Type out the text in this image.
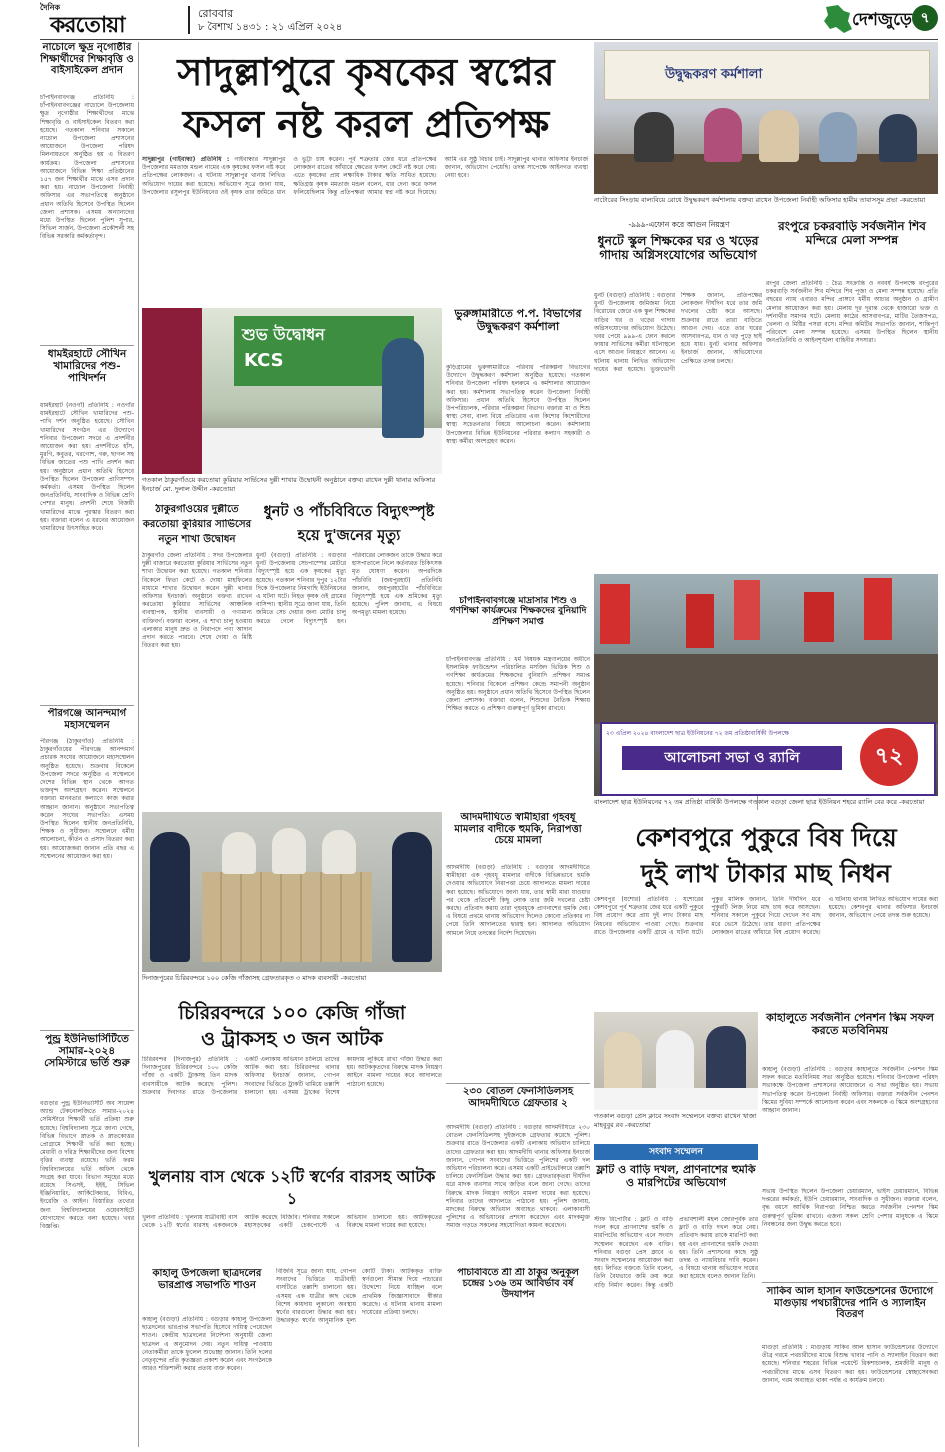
দৈনিক
করতোয়া	রোববার
৮ বৈশাখ ১৪৩১ : ২১ এপ্রিল ২০২৪	দেশজুড়ে ৭
নাচোলে ক্ষুদ্র নৃগোষ্ঠীর শিক্ষার্থীদের শিক্ষাবৃত্তি ও বাইসাইকেল প্রদান
চাঁপাইনবাবগঞ্জ প্রতিনিধি : চাঁপাইনবাবগঞ্জের নাচোলে উপজেলায় ক্ষুদ্র নৃগোষ্ঠীর শিক্ষার্থীদের মাঝে শিক্ষাবৃত্তি ও বাইসাইকেল বিতরণ করা হয়েছে। গতকাল শনিবার সকালে নাচোল উপজেলা প্রশাসনের আয়োজনে উপজেলা পরিষদ মিলনায়তনে অনুষ্ঠিত হয় এ বিতরণ কার্যক্রম। উপজেলা প্রশাসনের আয়োজনে বিভিন্ন শিক্ষা প্রতিষ্ঠানের ১৫৭ জন শিক্ষার্থীর মাঝে এসব প্রদান করা হয়। নাচোল উপজেলা নির্বাহী অফিসার এর সভাপতিত্বে অনুষ্ঠানে প্রধান অতিথি হিসেবে উপস্থিত ছিলেন জেলা প্রশাসক। এসময় অন্যান্যদের মধ্যে উপস্থিত ছিলেন পুলিশ সুপার, সিভিল সার্জন, উপজেলা প্রকৌশলী সহ বিভিন্ন সরকারি কর্মকর্তাবৃন্দ।
ধামইরহাটে সৌখিন খামারিদের পশু-পাখিদর্শন
ধামইরহাট (নওগাঁ) প্রতিনিধি : নওগাঁর ধামইরহাটে সৌখিন খামারিদের পশু-পাখি দর্শন অনুষ্ঠিত হয়েছে। সৌখিন খামারিদের সংগঠন এর উদ্যোগে শনিবার উপজেলা সদরে এ প্রদর্শনীর আয়োজন করা হয়। প্রদর্শনীতে হাঁস, মুরগি, কবুতর, খরগোশ, গরু, ছাগল সহ বিভিন্ন জাতের পশু পাখি প্রদর্শন করা হয়। অনুষ্ঠানে প্রধান অতিথি হিসেবে উপস্থিত ছিলেন উপজেলা প্রাণিসম্পদ কর্মকর্তা। এসময় উপস্থিত ছিলেন জনপ্রতিনিধি, সাংবাদিক ও বিভিন্ন শ্রেণি পেশার মানুষ। প্রদর্শনী শেষে বিজয়ী খামারিদের মাঝে পুরস্কার বিতরণ করা হয়। বক্তারা বলেন এ ধরনের আয়োজন খামারিদের উৎসাহিত করে।
পীরগঞ্জে আনন্দমার্গ মহাসম্মেলন
পীরগঞ্জ (ঠাকুরগাঁও) প্রতিনিধি : ঠাকুরগাঁওয়ের পীরগঞ্জে আনন্দমার্গ প্রচারক সংঘের আয়োজনে মহাসম্মেলন অনুষ্ঠিত হয়েছে। শুক্রবার বিকেলে উপজেলা সদরে অনুষ্ঠিত এ সম্মেলনে দেশের বিভিন্ন স্থান থেকে আগত ভক্তবৃন্দ অংশগ্রহণ করেন। সম্মেলনে বক্তারা মানবতার কল্যাণে কাজ করার আহ্বান জানান। অনুষ্ঠানে সভাপতিত্ব করেন সংঘের সভাপতি। এসময় উপস্থিত ছিলেন স্থানীয় জনপ্রতিনিধি, শিক্ষক ও সুধীজন। সম্মেলনে ধর্মীয় আলোচনা, কীর্তন ও প্রসাদ বিতরণ করা হয়। আয়োজকরা জানান প্রতি বছর এ সম্মেলনের আয়োজন করা হয়।
পুন্ড্র ইউনিভার্সিটিতে সামার-২০২৪ সেমিস্টারে ভর্তি শুরু
বগুড়ার পুন্ড্র ইউনিভার্সিটি অব সায়েন্স অ্যান্ড টেকনোলজিতে সামার-২০২৪ সেমিস্টারে শিক্ষার্থী ভর্তি প্রক্রিয়া শুরু হয়েছে। বিশ্ববিদ্যালয় সূত্রে জানা গেছে, বিভিন্ন বিভাগে স্নাতক ও স্নাতকোত্তর প্রোগ্রামে শিক্ষার্থী ভর্তি করা হচ্ছে। মেধাবী ও দরিদ্র শিক্ষার্থীদের জন্য বিশেষ বৃত্তির ব্যবস্থা রয়েছে। ভর্তি ফরম বিশ্ববিদ্যালয়ের ভর্তি অফিস থেকে সংগ্রহ করা যাবে। বিভাগ সমূহের মধ্যে রয়েছে সিএসই, ইইই, সিভিল ইঞ্জিনিয়ারিং, আর্কিটেকচার, বিবিএ, ইংরেজি ও আইন। বিস্তারিত তথ্যের জন্য বিশ্ববিদ্যালয়ের ওয়েবসাইটে যোগাযোগ করতে বলা হয়েছে। খবর বিজ্ঞপ্তি।
সাদুল্লাপুরে কৃষকের স্বপ্নের
ফসল নষ্ট করল প্রতিপক্ষ
সাদুল্লাপুর (গাইবান্ধা) প্রতিনিধি : গাইবান্ধার সাদুল্লাপুর উপজেলার মমতাজ মন্ডল নামের এক কৃষকের ফসল নষ্ট করে প্রতিপক্ষের লোকজন। এ ঘটনায় সাদুল্লাপুর থানায় লিখিত অভিযোগ দায়ের করা হয়েছে। অভিযোগ সূত্রে জানা যায়, উপজেলার রসুলপুর ইউনিয়নের ওই কৃষক তার জমিতে ধান ও ভুট্টা চাষ করেন। পূর্ব শত্রুতার জের ধরে প্রতিপক্ষের লোকজন রাতের আঁধারে ক্ষেতের ফসল কেটে নষ্ট করে দেয়। এতে কৃষকের প্রায় লক্ষাধিক টাকার ক্ষতি সাধিত হয়েছে। ক্ষতিগ্রস্ত কৃষক মমতাজ মন্ডল বলেন, ধার দেনা করে ফসল ফলিয়েছিলাম কিন্তু প্রতিপক্ষরা আমার স্বপ্ন নষ্ট করে দিয়েছে। আমি এর সুষ্ঠু বিচার চাই। সাদুল্লাপুর থানার অফিসার ইনচার্জ জানান, অভিযোগ পেয়েছি। তদন্ত সাপেক্ষে আইনগত ব্যবস্থা নেয়া হবে।
উদ্বুদ্ধকরণ কর্মশালা
নাটোরের সিংড়ায় বাল্যবিয়ে রোধে উদ্বুদ্ধকরণ কর্মশালায় বক্তব্য রাখেন উপজেলা নির্বাহী অফিসার হামীম তাবাসসুম প্রভা -করতোয়া
শুভ উদ্বোধন
KCS
গতকাল ঠাকুরগাঁওয়ে করতোয়া কুরিয়ার সার্ভিসের দুল্লী শাখার উদ্বোধনী অনুষ্ঠানে বক্তব্য রাখেন দুল্লী থানার অফিসার ইনচার্জ মো. দুলাল উদ্দীন -করতোয়া
ঠাকুরগাঁওয়ের দুল্লীতে
করতোয়া কুরিয়ার সার্ভিসের
নতুন শাখা উদ্বোধন
ঠাকুরগাঁও জেলা প্রতিনিধি : সদর উপজেলার দুল্লী বাজারে করতোয়া কুরিয়ার সার্ভিসের নতুন শাখা উদ্বোধন করা হয়েছে। গতকাল শনিবার বিকেলে ফিতা কেটে ও দোয়া মাহফিলের মাধ্যমে শাখার উদ্বোধন করেন দুল্লী থানার অফিসার ইনচার্জ। অনুষ্ঠানে বক্তব্য রাখেন করতোয়া কুরিয়ার সার্ভিসের আঞ্চলিক ব্যবস্থাপক, স্থানীয় ব্যবসায়ী ও গণ্যমান্য ব্যক্তিবর্গ। বক্তারা বলেন, এ শাখা চালু হওয়ায় এলাকার মানুষ দ্রুত ও নিরাপদে পণ্য আদান প্রদান করতে পারবে। শেষে দোয়া ও মিষ্টি বিতরণ করা হয়।
ধুনট ও পাঁচবিবিতে বিদ্যুৎস্পৃষ্ট
হয়ে দু'জনের মৃত্যু
ধুনট (বগুড়া) প্রতিনিধি : বগুড়ার ধুনট উপজেলায় সেচপাম্পের মোটরে বিদ্যুৎস্পৃষ্ট হয়ে এক কৃষকের মৃত্যু হয়েছে। গতকাল শনিবার দুপুর ১২টার দিকে উপজেলার নিমগাছি ইউনিয়নের এ ঘটনা ঘটে। নিহত কৃষক ওই গ্রামের বাসিন্দা। স্থানীয় সূত্রে জানা যায়, তিনি জমিতে সেচ দেয়ার জন্য মোটর চালু করতে গেলে বিদ্যুৎস্পৃষ্ট হন। পরিবারের লোকজন তাকে উদ্ধার করে হাসপাতালে নিলে কর্তব্যরত চিকিৎসক মৃত ঘোষণা করেন। অপরদিকে পাঁচবিবি (জয়পুরহাট) প্রতিনিধি জানান, জয়পুরহাটের পাঁচবিবিতে বিদ্যুৎস্পৃষ্ট হয়ে এক শ্রমিকের মৃত্যু হয়েছে। পুলিশ জানায়, এ বিষয়ে অপমৃত্যু মামলা হয়েছে।
ভুরুঙ্গামারীতে প.প. বিভাগের উদ্বুদ্ধকরণ কর্মশালা
কুড়িগ্রামের ভুরুঙ্গামারীতে পরিবার পরিকল্পনা বিভাগের উদ্যোগে উদ্বুদ্ধকরণ কর্মশালা অনুষ্ঠিত হয়েছে। গতকাল শনিবার উপজেলা পরিষদ হলরুমে এ কর্মশালার আয়োজন করা হয়। কর্মশালায় সভাপতিত্ব করেন উপজেলা নির্বাহী অফিসার। প্রধান অতিথি হিসেবে উপস্থিত ছিলেন উপপরিচালক, পরিবার পরিকল্পনা বিভাগ। বক্তারা মা ও শিশু স্বাস্থ্য সেবা, বাল্য বিয়ে প্রতিরোধ এবং কিশোর কিশোরীদের স্বাস্থ্য সচেতনতার বিষয়ে আলোচনা করেন। কর্মশালায় উপজেলার বিভিন্ন ইউনিয়নের পরিবার কল্যাণ সহকারী ও স্বাস্থ্য কর্মীরা অংশগ্রহণ করেন।
চাঁপাইনবাবগঞ্জে মাদ্রাসার শিশু ও গণশিক্ষা কার্যক্রমের শিক্ষকদের বুনিয়াদি প্রশিক্ষণ সমাপ্ত
চাঁপাইনবাবগঞ্জ প্রতিনিধি : ধর্ম বিষয়ক মন্ত্রণালয়ের অধীনে ইসলামিক ফাউন্ডেশন পরিচালিত মসজিদ ভিত্তিক শিশু ও গণশিক্ষা কার্যক্রমের শিক্ষকদের বুনিয়াদি প্রশিক্ষণ সমাপ্ত হয়েছে। শনিবার বিকেলে প্রশিক্ষণ কেন্দ্রে সমাপনী অনুষ্ঠান অনুষ্ঠিত হয়। অনুষ্ঠানে প্রধান অতিথি হিসেবে উপস্থিত ছিলেন জেলা প্রশাসক। বক্তারা বলেন, শিশুদের নৈতিক শিক্ষায় শিক্ষিত করতে এ প্রশিক্ষণ গুরুত্বপূর্ণ ভূমিকা রাখবে।
-৯৯৯-এফোন করে আগুন নিয়ন্ত্রণ
ধুনটে স্কুল শিক্ষকের ঘর ও খড়ের গাদায় অগ্নিসংযোগের অভিযোগ
ধুনট (বগুড়া) প্রতিনিধি : বগুড়ার ধুনট উপজেলায় জমিজমা নিয়ে বিরোধের জেরে এক স্কুল শিক্ষকের বাড়ির ঘর ও খড়ের গাদায় অগ্নিসংযোগের অভিযোগ উঠেছে। খবর পেয়ে ৯৯৯-এ ফোন করলে ফায়ার সার্ভিসের কর্মীরা ঘটনাস্থলে এসে আগুন নিয়ন্ত্রণে আনেন। এ ঘটনায় থানায় লিখিত অভিযোগ দায়ের করা হয়েছে। ভুক্তভোগী শিক্ষক জানান, প্রতিপক্ষের লোকজন দীর্ঘদিন ধরে তার জমি দখলের চেষ্টা করে আসছে। শুক্রবার রাতে তারা বাড়িতে আগুন দেয়। এতে তার ঘরের আসবাবপত্র, ধান ও খড় পুড়ে ছাই হয়ে যায়। ধুনট থানার অফিসার ইনচার্জ জানান, অভিযোগের প্রেক্ষিতে তদন্ত চলছে।
রংপুরে চকরবাড়ি সর্বজনীন শিব মন্দিরে মেলা সম্পন্ন
রংপুর জেলা প্রতিনিধি : চৈত্র সংক্রান্তি ও নববর্ষ উপলক্ষে রংপুরের চকরবাড়ি সর্বজনীন শিব মন্দিরে শিব পূজা ও মেলা সম্পন্ন হয়েছে। প্রতি বছরের ন্যায় এবারও মন্দির প্রাঙ্গণে ধর্মীয় আচার অনুষ্ঠান ও গ্রামীণ মেলার আয়োজন করা হয়। মেলায় দূর দূরান্ত থেকে হাজারো ভক্ত ও দর্শনার্থীর সমাগম ঘটে। মেলায় কাঠের আসবাবপত্র, মাটির তৈজসপত্র, খেলনা ও মিষ্টির পসরা বসে। মন্দির কমিটির সভাপতি জানান, শান্তিপূর্ণ পরিবেশে মেলা সম্পন্ন হয়েছে। এসময় উপস্থিত ছিলেন স্থানীয় জনপ্রতিনিধি ও আইনশৃঙ্খলা বাহিনীর সদস্যরা।
২৩ এপ্রিল ২০২৪ বাংলাদেশ ছাত্র ইউনিয়নের ৭২ তম প্রতিষ্ঠাবার্ষিকী উপলক্ষে
আলোচনা সভা ও র‍্যালি	৭২
বাংলাদেশ ছাত্র ইউনিয়নের ৭২ তম প্রতিষ্ঠা বার্ষিকী উপলক্ষে গতকাল বগুড়া জেলা ছাত্র ইউনিয়ন শহরে র‍্যালি বের করে -করতোয়া
কেশবপুরে পুকুরে বিষ দিয়ে
দুই লাখ টাকার মাছ নিধন
কেশবপুর (যশোর) প্রতিনিধি : যশোরের কেশবপুরে পূর্ব শত্রুতার জের ধরে একটি পুকুরে বিষ প্রয়োগ করে প্রায় দুই লাখ টাকার মাছ নিধনের অভিযোগ পাওয়া গেছে। শুক্রবার রাতে উপজেলার একটি গ্রামে এ ঘটনা ঘটে। পুকুর মালিক জানান, তিনি দীর্ঘদিন ধরে পুকুরটি লিজ নিয়ে মাছ চাষ করে আসছেন। শনিবার সকালে পুকুরে গিয়ে দেখেন সব মাছ মরে ভেসে উঠেছে। তার ধারণা প্রতিপক্ষের লোকজন রাতের আঁধারে বিষ প্রয়োগ করেছে। এ ঘটনায় থানায় লিখিত অভিযোগ দায়ের করা হয়েছে। কেশবপুর থানার অফিসার ইনচার্জ জানান, অভিযোগ পেয়ে তদন্ত শুরু হয়েছে।
দিনাজপুরের চিরিরবন্দরে ১০০ কেজি গাঁজাসহ গ্রেফতারকৃত ৩ মাদক ব্যবসায়ী -করতোয়া
চিরিরবন্দরে ১০০ কেজি গাঁজা
ও ট্রাকসহ ৩ জন আটক
চিরিরবন্দর (দিনাজপুর) প্রতিনিধি : দিনাজপুরের চিরিরবন্দরে ১০০ কেজি গাঁজা ও একটি ট্রাকসহ তিন মাদক ব্যবসায়ীকে আটক করেছে পুলিশ। শুক্রবার দিবাগত রাতে উপজেলার একটি এলাকায় অভিযান চালিয়ে তাদের আটক করা হয়। চিরিরবন্দর থানার অফিসার ইনচার্জ জানান, গোপন সংবাদের ভিত্তিতে ট্রাকটি থামিয়ে তল্লাশি চালানো হয়। এসময় ট্রাকের বিশেষ কায়দায় লুকিয়ে রাখা গাঁজা উদ্ধার করা হয়। আটককৃতদের বিরুদ্ধে মাদক নিয়ন্ত্রণ আইনে মামলা দায়ের করে আদালতে পাঠানো হয়েছে।
খুলনায় বাস থেকে ১২টি স্বর্ণের বারসহ আটক ১
খুলনা প্রতিনিধি : খুলনায় যাত্রীবাহী বাস থেকে ১২টি স্বর্ণের বারসহ একজনকে আটক করেছে বিজিবি। শনিবার সকালে মহাসড়কের একটি চেকপোস্টে এ অভিযান চালানো হয়। আটককৃতের বিরুদ্ধে মামলা দায়ের করা হয়েছে।
কাহালু উপজেলা ছাত্রদলের ভারপ্রাপ্ত সভাপতি শাওন
কাহালু (বগুড়া) প্রতিনিধি : বগুড়ার কাহালু উপজেলা ছাত্রদলের ভারপ্রাপ্ত সভাপতি হিসেবে দায়িত্ব পেয়েছেন শাওন। কেন্দ্রীয় ছাত্রদলের নির্দেশনা অনুযায়ী জেলা ছাত্রদল এ অনুমোদন দেয়। নতুন দায়িত্ব পাওয়ায় নেতাকর্মীরা তাকে ফুলেল শুভেচ্ছা জানান। তিনি দলের নেতৃবৃন্দের প্রতি কৃতজ্ঞতা প্রকাশ করেন এবং সংগঠনকে আরও শক্তিশালী করার প্রত্যয় ব্যক্ত করেন।
বিজিবি সূত্রে জানা যায়, গোপন সংবাদের ভিত্তিতে যাত্রীবাহী বাসটিতে তল্লাশি চালানো হয়। এসময় এক যাত্রীর কাছ থেকে বিশেষ কায়দায় লুকানো অবস্থায় স্বর্ণের বারগুলো উদ্ধার করা হয়। উদ্ধারকৃত স্বর্ণের আনুমানিক মূল্য কোটি টাকা। আটককৃত ব্যক্তি স্বর্ণগুলো সীমান্ত দিয়ে পাচারের উদ্দেশ্যে নিয়ে যাচ্ছিল বলে প্রাথমিক জিজ্ঞাসাবাদে স্বীকার করেছে। এ ঘটনায় থানায় মামলা দায়েরের প্রক্রিয়া চলছে।
আদমদীঘিতে স্বামীহারা গৃহবধূ মামলার বাদীকে হুমকি, নিরাপত্তা চেয়ে মামলা
আদমদীঘি (বগুড়া) প্রতিনিধি : বগুড়ার আদমদীঘিতে স্বামীহারা এক গৃহবধূ মামলার বাদীকে বিভিন্নভাবে হুমকি দেওয়ার অভিযোগে নিরাপত্তা চেয়ে আদালতে মামলা দায়ের করা হয়েছে। অভিযোগে জানা যায়, তার স্বামী মারা যাওয়ার পর থেকে প্রতিবেশী কিছু লোক তার জমি দখলের চেষ্টা করছে। প্রতিবাদ করায় তারা গৃহবধূকে প্রাণনাশের হুমকি দেয়। এ বিষয়ে প্রথমে থানায় অভিযোগ দিলেও কোনো প্রতিকার না পেয়ে তিনি আদালতের দ্বারস্থ হন। আদালত অভিযোগ আমলে নিয়ে তদন্তের নির্দেশ দিয়েছেন।
২৩০ বোতল ফেনসিডিলসহ আদমদীঘিতে গ্রেফতার ২
আদমদীঘি (বগুড়া) প্রতিনিধি : বগুড়ার আদমদীঘিতে ২৩০ বোতল ফেনসিডিলসহ দুইজনকে গ্রেফতার করেছে পুলিশ। শুক্রবার রাতে উপজেলার একটি এলাকায় অভিযান চালিয়ে তাদের গ্রেফতার করা হয়। আদমদীঘি থানার অফিসার ইনচার্জ জানান, গোপন সংবাদের ভিত্তিতে পুলিশের একটি দল অভিযান পরিচালনা করে। এসময় একটি প্রাইভেটকারে তল্লাশি চালিয়ে ফেনসিডিল উদ্ধার করা হয়। গ্রেফতারকৃতরা দীর্ঘদিন ধরে মাদক ব্যবসার সাথে জড়িত বলে জানা গেছে। তাদের বিরুদ্ধে মাদক নিয়ন্ত্রণ আইনে মামলা দায়ের করা হয়েছে। শনিবার তাদের আদালতে পাঠানো হয়। পুলিশ জানায়, মাদকের বিরুদ্ধে অভিযান অব্যাহত থাকবে। এলাকাবাসী পুলিশের এ অভিযানের প্রশংসা করেছেন এবং মাদকমুক্ত সমাজ গড়তে সকলের সহযোগিতা কামনা করেছেন।
পাঁচবিবিতে শ্রী শ্রী ঠাকুর অনুকূল চন্দ্রের ১৩৬ তম আবির্ভাব বর্ষ উদযাপন
গতকাল বগুড়া প্রেস ক্লাবে সংবাদ সম্মেলনে বক্তব্য রাখেন খাজা মাহবুবুর রব -করতোয়া
কাহালুতে সর্বজনীন পেনশন স্কিম সফল করতে মতবিনিময়
কাহালু (বগুড়া) প্রতিনিধি : বগুড়ার কাহালুতে সর্বজনীন পেনশন স্কিম সফল করতে মতবিনিময় সভা অনুষ্ঠিত হয়েছে। শনিবার উপজেলা পরিষদ সভাকক্ষে উপজেলা প্রশাসনের আয়োজনে এ সভা অনুষ্ঠিত হয়। সভায় সভাপতিত্ব করেন উপজেলা নির্বাহী অফিসার। বক্তারা সর্বজনীন পেনশন স্কিমের সুবিধা সম্পর্কে আলোচনা করেন এবং সকলকে এ স্কিমে অংশগ্রহণের আহ্বান জানান।
সংবাদ সম্মেলন
ফ্লাট ও বাড়ি দখল, প্রাণনাশের হুমকি ও মারপিটের অভিযোগ
স্টাফ রিপোর্টার : ফ্লাট ও বাড়ি দখল করে প্রাণনাশের হুমকি ও মারপিটের অভিযোগ এনে সংবাদ সম্মেলন করেছেন এক ব্যক্তি। শনিবার বগুড়া প্রেস ক্লাবে এ সংবাদ সম্মেলনের আয়োজন করা হয়। লিখিত বক্তব্যে তিনি বলেন, তিনি বৈধভাবে জমি ক্রয় করে বাড়ি নির্মাণ করেন। কিন্তু একটি প্রভাবশালী মহল জোরপূর্বক তার ফ্লাট ও বাড়ি দখল করে নেয়। প্রতিবাদ করায় তাকে মারপিট করা হয় এবং প্রাণনাশের হুমকি দেওয়া হয়। তিনি প্রশাসনের কাছে সুষ্ঠু তদন্ত ও ন্যায়বিচার দাবি করেন। এ বিষয়ে থানায় অভিযোগ দায়ের করা হয়েছে বলেও জানান তিনি।
সভায় উপস্থিত ছিলেন উপজেলা চেয়ারম্যান, ভাইস চেয়ারম্যান, বিভিন্ন দপ্তরের কর্মকর্তা, ইউপি চেয়ারম্যান, সাংবাদিক ও সুধীজন। বক্তারা বলেন, বৃদ্ধ বয়সে আর্থিক নিরাপত্তা নিশ্চিত করতে সর্বজনীন পেনশন স্কিম গুরুত্বপূর্ণ ভূমিকা রাখবে। এজন্য সকল শ্রেণি পেশার মানুষকে এ স্কিমে নিবন্ধনের জন্য উদ্বুদ্ধ করতে হবে।
সাকিব আল হাসান ফাউন্ডেশনের উদ্যোগে মাগুড়ায় পথচারীদের পানি ও স্যালাইন বিতরণ
মাগুড়া প্রতিনিধি : মাগুড়ায় সাকিব আল হাসান ফাউন্ডেশনের উদ্যোগে তীব্র গরমে পথচারীদের মাঝে বিশুদ্ধ খাবার পানি ও স্যালাইন বিতরণ করা হয়েছে। শনিবার শহরের বিভিন্ন পয়েন্টে রিকশাচালক, শ্রমজীবী মানুষ ও পথচারীদের মাঝে এসব বিতরণ করা হয়। ফাউন্ডেশনের স্বেচ্ছাসেবকরা জানান, গরম অব্যাহত থাকা পর্যন্ত এ কার্যক্রম চলবে।
